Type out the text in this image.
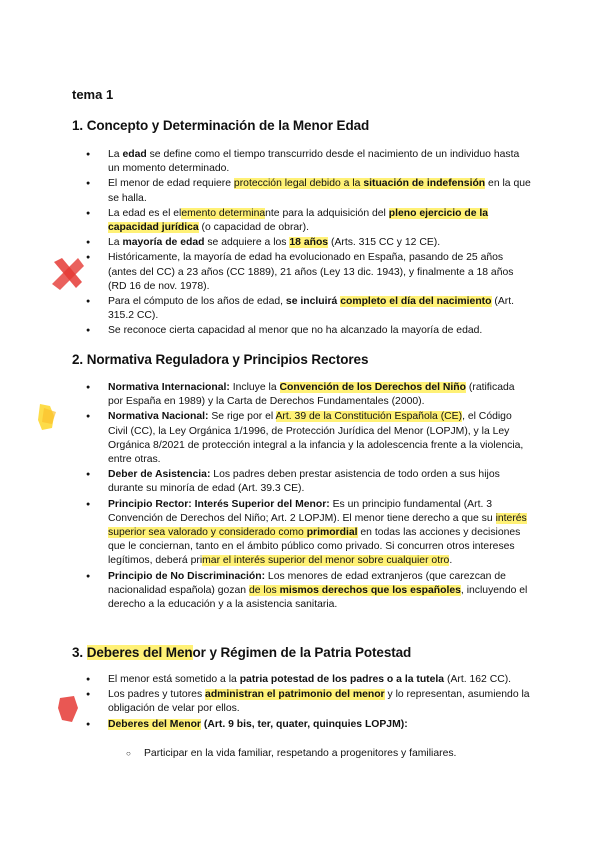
tema 1
1. Concepto y Determinación de la Menor Edad
● La edad se define como el tiempo transcurrido desde el nacimiento de un individuo hasta un momento determinado.
● El menor de edad requiere protección legal debido a la situación de indefensión en la que se halla.
● La edad es el elemento determinante para la adquisición del pleno ejercicio de la capacidad jurídica (o capacidad de obrar).
● La mayoría de edad se adquiere a los 18 años (Arts. 315 CC y 12 CE).
● Históricamente, la mayoría de edad ha evolucionado en España, pasando de 25 años (antes del CC) a 23 años (CC 1889), 21 años (Ley 13 dic. 1943), y finalmente a 18 años (RD 16 de nov. 1978).
● Para el cómputo de los años de edad, se incluirá completo el día del nacimiento (Art. 315.2 CC).
● Se reconoce cierta capacidad al menor que no ha alcanzado la mayoría de edad.
2. Normativa Reguladora y Principios Rectores
● Normativa Internacional: Incluye la Convención de los Derechos del Niño (ratificada por España en 1989) y la Carta de Derechos Fundamentales (2000).
● Normativa Nacional: Se rige por el Art. 39 de la Constitución Española (CE), el Código Civil (CC), la Ley Orgánica 1/1996, de Protección Jurídica del Menor (LOPJM), y la Ley Orgánica 8/2021 de protección integral a la infancia y la adolescencia frente a la violencia, entre otras.
● Deber de Asistencia: Los padres deben prestar asistencia de todo orden a sus hijos durante su minoría de edad (Art. 39.3 CE).
● Principio Rector: Interés Superior del Menor: Es un principio fundamental (Art. 3 Convención de Derechos del Niño; Art. 2 LOPJM). El menor tiene derecho a que su interés superior sea valorado y considerado como primordial en todas las acciones y decisiones que le conciernan, tanto en el ámbito público como privado. Si concurren otros intereses legítimos, deberá primar el interés superior del menor sobre cualquier otro.
● Principio de No Discriminación: Los menores de edad extranjeros (que carezcan de nacionalidad española) gozan de los mismos derechos que los españoles, incluyendo el derecho a la educación y a la asistencia sanitaria.
3. Deberes del Menor y Régimen de la Patria Potestad
● El menor está sometido a la patria potestad de los padres o a la tutela (Art. 162 CC).
● Los padres y tutores administran el patrimonio del menor y lo representan, asumiendo la obligación de velar por ellos.
● Deberes del Menor (Art. 9 bis, ter, quater, quinquies LOPJM):
○ Participar en la vida familiar, respetando a progenitores y familiares.
